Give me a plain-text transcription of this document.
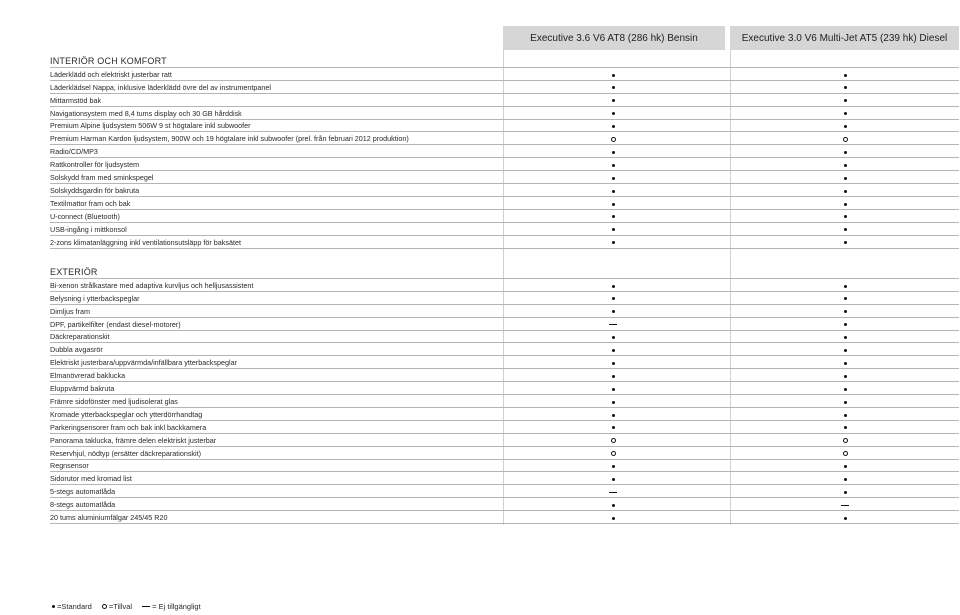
Executive 3.6 V6 AT8 (286 hk) Bensin	Executive 3.0 V6 Multi-Jet AT5 (239 hk) Diesel
INTERIÖR OCH KOMFORT
Läderklädd och elektriskt justerbar ratt
Läderklädsel Nappa, inklusive läderklädd övre del av instrumentpanel
Mittarmstöd bak
Navigationsystem med 8,4 tums display och 30 GB hårddisk
Premium Alpine ljudsystem 506W 9 st högtalare inkl subwoofer
Premium Harman Kardon ljudsystem, 900W och 19 högtalare inkl subwoofer (prel. från februari 2012 produktion)
Radio/CD/MP3
Rattkontroller för ljudsystem
Solskydd fram med sminkspegel
Solskyddsgardin för bakruta
Textilmattor fram och bak
U-connect (Bluetooth)
USB-ingång i mittkonsol
2-zons klimatanläggning inkl ventilationsutsläpp för baksätet
EXTERIÖR
Bi-xenon strålkastare med adaptiva kurvljus och helljusassistent
Belysning i ytterbackspeglar
Dimljus fram
DPF, partikelfilter (endast diesel-motorer)
Däckreparationskit
Dubbla avgasrör
Elektriskt justerbara/uppvärmda/infällbara ytterbackspeglar
Elmanövrerad baklucka
Eluppvärmd bakruta
Främre sidofönster med ljudisolerat glas
Kromade ytterbackspeglar och ytterdörrhandtag
Parkeringsensorer fram och bak inkl backkamera
Panorama taklucka, främre delen elektriskt justerbar
Reservhjul, nödtyp (ersätter däckreparationskit)
Regnsensor
Sidorutor med kromad list
5-stegs automatlåda
8-stegs automatlåda
20 tums aluminiumfälgar 245/45 R20
=Standard =Tillval	= Ej tillgängligt
